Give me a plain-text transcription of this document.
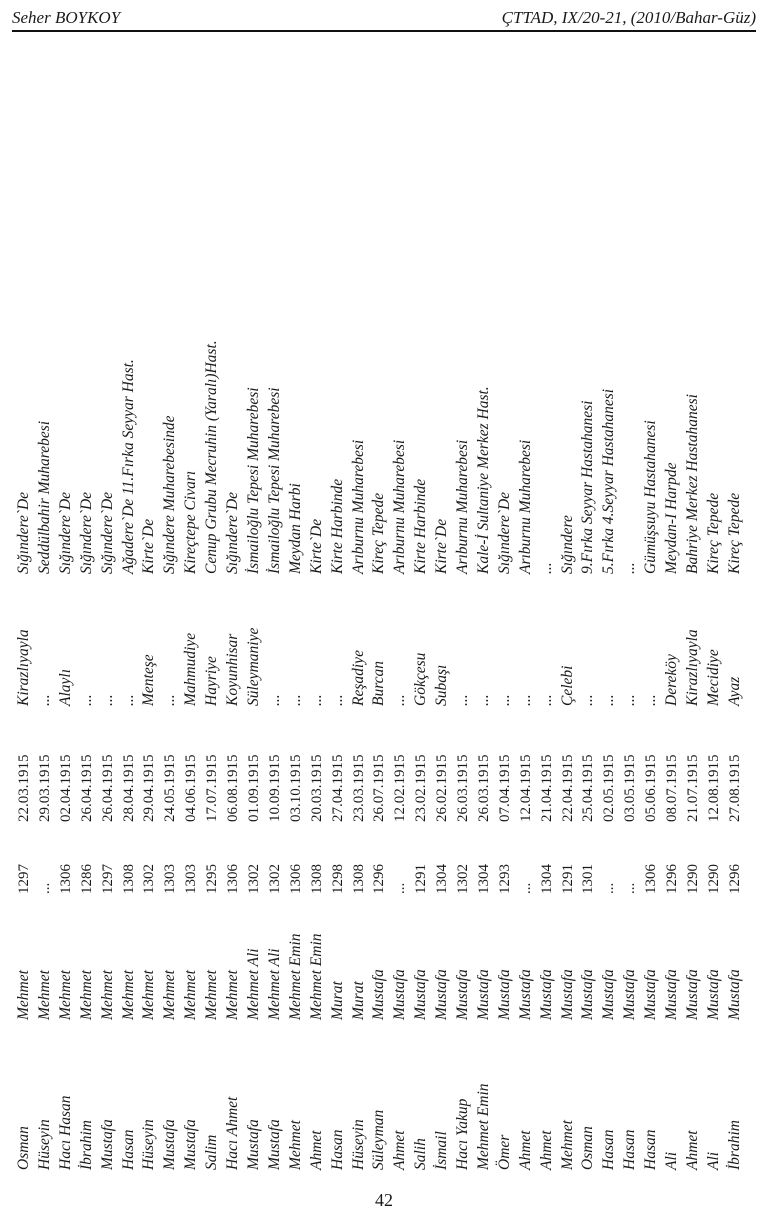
Seher BOYKOY	ÇTTAD, IX/20-21, (2010/Bahar-Güz)
Osman	Mehmet	1297	22.03.1915	Kirazlıyayla	Sığındere`De
Hüseyin	Mehmet	...	29.03.1915	...	Seddülbahir Muharebesi
Hacı Hasan	Mehmet	1306	02.04.1915	Alaylı	Sığındere`De
İbrahim	Mehmet	1286	26.04.1915	...	Sığındere`De
Mustafa	Mehmet	1297	26.04.1915	...	Sığındere`De
Hasan	Mehmet	1308	28.04.1915	...	Ağadere`De 11.Fırka Seyyar Hast.
Hüseyin	Mehmet	1302	29.04.1915	Menteşe	Kirte`De
Mustafa	Mehmet	1303	24.05.1915	...	Sığındere Muharebesinde
Mustafa	Mehmet	1303	04.06.1915	Mahmudiye	Kireçtepe Civarı
Salim	Mehmet	1295	17.07.1915	Hayriye	Cenup Grubu Mecruhin (Yaralı)Hast.
Hacı Ahmet	Mehmet	1306	06.08.1915	Koyunhisar	Sığındere`De
Mustafa	Mehmet Ali	1302	01.09.1915	Süleymaniye	İsmailoğlu Tepesi Muharebesi
Mustafa	Mehmet Ali	1302	10.09.1915	...	İsmailoğlu Tepesi Muharebesi
Mehmet	Mehmet Emin	1306	03.10.1915	...	Meydan Harbi
Ahmet	Mehmet Emin	1308	20.03.1915	...	Kirte`De
Hasan	Murat	1298	27.04.1915	...	Kirte Harbinde
Hüseyin	Murat	1308	23.03.1915	Reşadiye	Arıburnu Muharebesi
Süleyman	Mustafa	1296	26.07.1915	Burcan	Kireç Tepede
Ahmet	Mustafa	...	12.02.1915	...	Arıburnu Muharebesi
Salih	Mustafa	1291	23.02.1915	Gökçesu	Kirte Harbinde
İsmail	Mustafa	1304	26.02.1915	Subaşı	Kirte`De
Hacı Yakup	Mustafa	1302	26.03.1915	...	Arıburnu Muharebesi
Mehmet Emin	Mustafa	1304	26.03.1915	...	Kale-İ Sultaniye Merkez Hast.
Ömer	Mustafa	1293	07.04.1915	...	Sığındere`De
Ahmet	Mustafa	...	12.04.1915	...	Arıburnu Muharebesi
Ahmet	Mustafa	1304	21.04.1915	...	...
Mehmet	Mustafa	1291	22.04.1915	Çelebi	Sığındere
Osman	Mustafa	1301	25.04.1915	...	9.Fırka Seyyar Hastahanesi
Hasan	Mustafa	...	02.05.1915	...	5.Fırka 4.Seyyar Hastahanesi
Hasan	Mustafa	...	03.05.1915	...	...
Hasan	Mustafa	1306	05.06.1915	...	Gümüşsuyu Hastahanesi
Ali	Mustafa	1296	08.07.1915	Dereköy	Meydan-I Harpde
Ahmet	Mustafa	1290	21.07.1915	Kirazlıyayla	Bahriye Merkez Hastahanesi
Ali	Mustafa	1290	12.08.1915	Mecidiye	Kireç Tepede
İbrahim	Mustafa	1296	27.08.1915	Ayaz	Kireç Tepede
42
